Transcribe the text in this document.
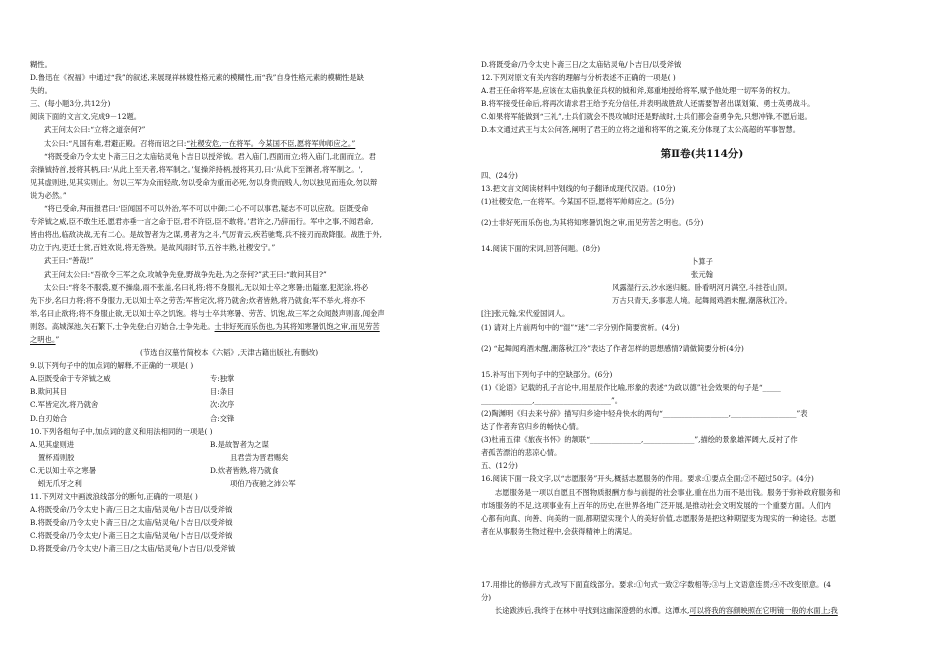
糊性。
D.鲁迅在《祝福》中通过“我”的叙述,来展现祥林嫂性格元素的模糊性,而“我”自身性格元素的模糊性是缺
失的。
三、(每小题3分,共12分)
阅读下面的文言文,完成9－12题。
武王问太公曰:“立将之道奈何?”
太公曰:“凡国有难,君避正殿。召将而诏之曰:“社稷安危,一在将军。今某国不臣,愿将军帅师应之。”
“将既受命乃令太史卜斋三日之太庙钻灵龟卜吉日以授斧钺。君入庙门,西面而立;将入庙门,北面而立。君
亲操钺持首,授将其柄,曰:‘从此上至天者,将军制之。’复操斧持柄,授将其刃,曰:‘从此下至渊者,将军制之。',
见其虚则进,见其实则止。勿以三军为众而轻敌,勿以受命为重而必死,勿以身贵而贱人,勿以独见而违众,勿以辩
说为必然。”
“将已受命,拜而报君曰:‘臣闻国不可以外治,军不可以中御;二心不可以事君,疑志不可以应敌。臣既受命
专斧钺之威,臣不敢生还,愿君亦垂一言之命于臣,君不许臣,臣不敢将。’君许之,乃辞而行。军中之事,不闻君命,
皆由将出,临敌决战,无有二心。是故智者为之谋,勇者为之斗,气厉青云,疾若驰骛,兵不接刃而敌降服。战胜于外,
功立于内,吏迁士赏,百姓欢说,将无咎殃。是故风雨时节,五谷丰熟,社稷安宁。”
武王曰:“善哉!”
武王问太公曰:“吾欲令三军之众,攻城争先登,野战争先赴,为之奈何?”武王曰:“敢问其目?”
太公曰:“将冬不服裘,夏不操扇,雨不张盖,名曰礼将;将不身服礼,无以知士卒之寒暑;出隘塞,犯泥涂,将必
先下步,名曰力将;将不身服力,无以知士卒之劳苦;军皆定次,将乃就舍;炊者皆熟,将乃就食;军不举火,将亦不
举,名曰止欲将;将不身服止欲,无以知士卒之饥饱。将与士卒共寒暑、劳苦、饥饱,故三军之众闻鼓声则喜,闻金声
则怒。高城深池,矢石繁下,士争先登;白刃始合,士争先赴。士非好死而乐伤也,为其将知寒暑饥饱之审,而见劳苦
之明也。”
(节选自汉墓竹简校本《六韬》,天津古籍出版社,有删改)
9.以下列句子中的加点词的解释,不正确的一项是( )
A.臣既受命于专斧钺之威	专:独掌
B.欺问其目	目:条目
C.军皆定次,将乃就舍	次:次序
D.白刃始合	合:交锋
10.下列各组句子中,加点词的意义和用法相同的一项是( )
A.见其虚则进	B.是故智者为之谋
置杯焉则胶	且君尝为晋君赐矣
C.无以知士卒之寒暑	D.炊者皆熟,将乃就食
蚓无爪牙之利	项伯乃夜驰之沛公军
11.下列对文中画波浪线部分的断句,正确的一项是( )
A.将既受命/乃令太史卜斋/三日之太庙/钻灵龟/卜吉日/以受斧钺
B.将既受命/乃令太史卜斋三日/之太庙/钻灵龟/卜吉日/以受斧钺
C.将既受命/乃令太史/卜斋三日之太庙/钻灵龟/卜吉日/以受斧钺
D.将既受命/乃令太史/卜斋三日/之太庙/钻灵龟/卜吉日/以受斧钺
D.将既受命/乃令太史卜斋三日/之太庙钻灵龟/卜吉日/以受斧钺
12.下列对原文有关内容的理解与分析表述不正确的一项是( )
A.君王任命将军是,应该在太庙执象征兵权的钺和斧,郑重地授给将军,赋予他处理一切军务的权力。
B.将军接受任命后,将再次请求君王给予充分信任,并表明战胜敌人还需要智者出谋划策、勇士英勇战斗。
C.如果将军能做到“三礼”,士兵们就会不畏攻城时还是野战时,士兵们都会奋勇争先,只想冲锋,不愿后退。
D.本文通过武王与太公问答,阐明了君王的立将之道和将军的之策,充分体现了太公高超的军事智慧。
第Ⅱ卷(共114分)
四、(24分)
13.把文言文阅读材料中划线的句子翻译成现代汉语。(10分)
(1)社稷安危,一在将军。今某国不臣,愿将军帅师应之。(5分)
(2)士非好死而乐伤也,为其将知寒暑饥饱之审,而见劳苦之明也。(5分)
14.阅读下面的宋词,回答问题。(8分)
卜算子
张元翰
风露湿行云,沙水迷归艇。卧看明河月满空,斗挂苍山顶。
万古只青天,多事悲人境。起舞闻鸡酒未醒,潮落秋江冷。
[注]张元翰,宋代爱国词人。
(1) 请对上片前两句中的“湿”“迷”二字分别作简要赏析。(4分)
(2) “起舞闻鸡酒未醒,潮落秋江冷”表达了作者怎样的思想感情?请做简要分析(4分)
15.补写出下列句子中的空缺部分。(6分)
(1)《论语》记载的孔子言论中,用星辰作比喻,形象的表述“为政以德”社会效果的句子是“_____
______________,_____________________”。
(2)陶渊明《归去来兮辞》描写归乡途中轻舟快水的两句“__________________,__________________”表
达了作者奔官归乡的畅快心情。
(3)杜甫五律《旅夜书怀》的颔联“______________,______________”,描绘的景象雄浑阔大,反衬了作
者孤苦漂泊的悲凉心情。
五、(12分)
16.阅读下面一段文字,以“志愿服务”开头,概括志愿服务的作用。要求:①要点全面;②不超过50字。(4分)
志愿服务是一项以自愿且不图物质报酬方参与前提的社会事业,重在出力而不是出钱。服务于弥补政府服务和
市场服务的不足,这项事业有上百年的历史,在世界各地广泛开展,是推动社会文明发展的一个重要方面。人们内
心都有向真、向善、向美的一面,都期望实现个人的美好价值,志愿服务是把这种期望变为现实的一种途径。志愿
者在从事服务生物过程中,会获得精神上的满足。
17.用排比的修辞方式,改写下面直线部分。要求:①句式一致②字数相等;③与上文语意连贯;④不改变原意。(4
分)
长途跋涉后,我终于在林中寻找到这幽深澄碧的水潭。这潭水,可以将我的容颜映照在它明镜一般的水面上;我
